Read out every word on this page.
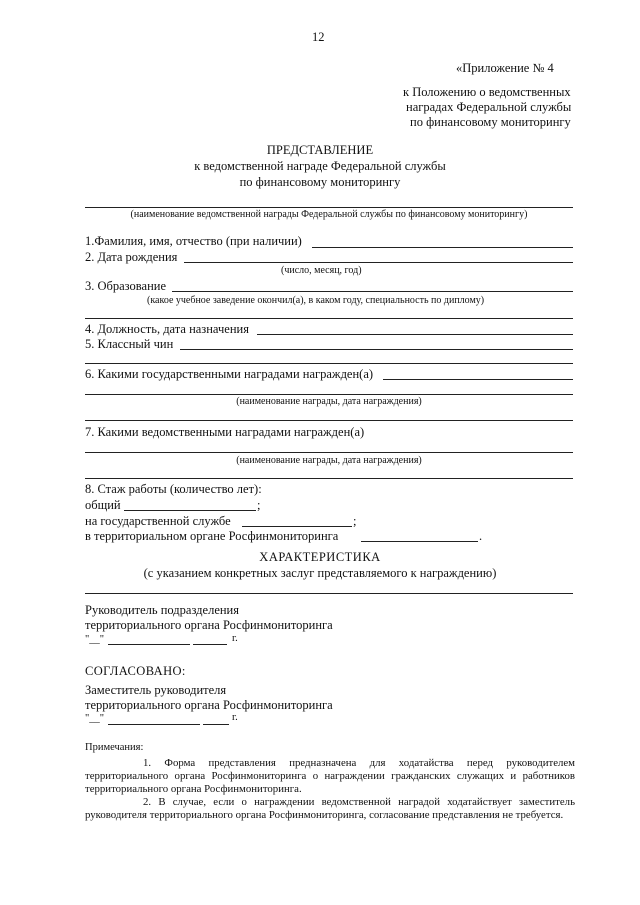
12
«Приложение № 4
к Положению о ведомственных
наградах Федеральной службы
по финансовому мониторингу
ПРЕДСТАВЛЕНИЕ
к ведомственной награде Федеральной службы
по финансовому мониторингу
(наименование ведомственной награды Федеральной службы по финансовому мониторингу)
1.Фамилия, имя, отчество (при наличии)
2. Дата рождения
(число, месяц, год)
3. Образование
(какое учебное заведение окончил(а), в каком году, специальность по диплому)
4. Должность, дата назначения
5. Классный чин
6. Какими государственными наградами награжден(а)
(наименование награды, дата награждения)
7. Какими ведомственными наградами награжден(а)
(наименование награды, дата награждения)
8. Стаж работы (количество лет):
общий	;
на государственной службе	;
в территориальном органе Росфинмониторинга	.
ХАРАКТЕРИСТИКА
(с указанием конкретных заслуг представляемого к награждению)
Руководитель подразделения
территориального органа Росфинмониторинга
"__"	г.
СОГЛАСОВАНО:
Заместитель руководителя
территориального органа Росфинмониторинга
"__"	г.
Примечания:
1. Форма представления предназначена для ходатайства перед руководителем территориального органа Росфинмониторинга о награждении гражданских служащих и работников территориального органа Росфинмониторинга.
2. В случае, если о награждении ведомственной наградой ходатайствует заместитель руководителя территориального органа Росфинмониторинга, согласование представления не требуется.
